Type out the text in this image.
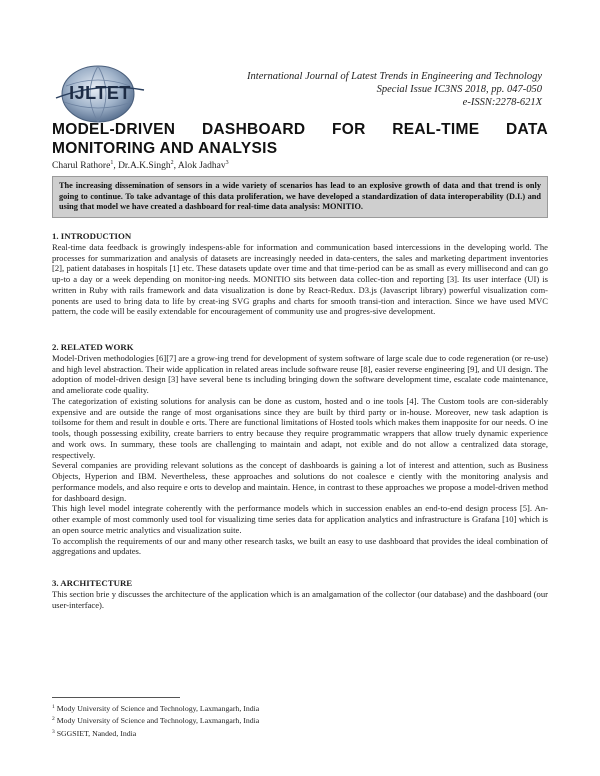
IJLTET
International Journal of Latest Trends in Engineering and Technology
Special Issue IC3NS 2018, pp. 047-050
e-ISSN:2278-621X
MODEL-DRIVEN DASHBOARD FOR REAL-TIME DATA
MONITORING AND ANALYSIS
Charul Rathore$^1$, Dr.A.K.Singh$^2$, Alok Jadhav$^3$
The increasing dissemination of sensors in a wide variety of scenarios has lead to an explosive growth of data and that trend is only going to continue. To take advantage of this data proliferation, we have developed a standardization of data interoperability (D.I.) and using that model we have created a dashboard for real-time data analysis: MONITIO.

1. INTRODUCTION

Real-time data feedback is growingly indespens-able for information and communication based intercessions in the developing world. The processes for summarization and analysis of datasets are increasingly needed in data-centers, the sales and marketing department inventories [2], patient databases in hospitals [1] etc. These datasets update over time and that time-period can be as small as every millisecond and can go up-to a day or a week depending on monitor-ing needs. MONITIO sits between data collec-tion and reporting [3]. Its user interface (UI) is written in Ruby with rails framework and data visualization is done by React-Redux. D3.js (Javascript library) powerful visualization com-ponents are used to bring data to life by creat-ing SVG graphs and charts for smooth transi-tion and interaction. Since we have used MVC pattern, the code will be easily extendable for encouragement of community use and progres-sive development.

2. RELATED WORK

Model-Driven methodologies [6][7] are a grow-ing trend for development of system software of large scale due to code regeneration (or re-use) and high level abstraction. Their wide application in related areas include software reuse [8], easier reverse engineering [9], and UI design. The adoption of model-driven design [3] have several bene ts including bringing down the software development time, escalate code maintenance, and ameliorate code quality.

The categorization of existing solutions for analysis can be done as custom, hosted and o ine tools [4]. The Custom tools are con-siderably expensive and are outside the range of most organisations since they are built by third party or in-house. Moreover, new task adaption is toilsome for them and result in double e orts. There are functional limitations of Hosted tools which makes them inapposite for our needs. O ine tools, though possessing exibility, create barriers to entry because they require programmatic wrappers that allow truely dynamic experience and work ows. In summary, these tools are challenging to maintain and adapt, not exible and do not allow a centralized data storage, respectively.

Several companies are providing relevant solutions as the concept of dashboards is gaining a lot of interest and attention, such as Business Objects, Hyperion and IBM. Nevertheless, these approaches and solutions do not coalesce e ciently with the monitoring analysis and performance models, and also require e orts to develop and maintain. Hence, in contrast to these approaches we propose a model-driven method for dashboard design.

This high level model integrate coherently with the performance models which in succession enables an end-to-end design process [5]. An-other example of most commonly used tool for visualizing time series data for application analytics and infrastructure is Grafana [10] which is an open source metric analytics and visualization suite.

To accomplish the requirements of our and many other research tasks, we built an easy to use dashboard that provides the ideal combination of aggregations and updates.

3. ARCHITECTURE

This section brie y discusses the architecture of the application which is an amalgamation of the collector (our database) and the dashboard (our user-interface).

$^1$ Mody University of Science and Technology, Laxmangarh, India
$^2$ Mody University of Science and Technology, Laxmangarh, India
$^3$ SGGSIET, Nanded, India
